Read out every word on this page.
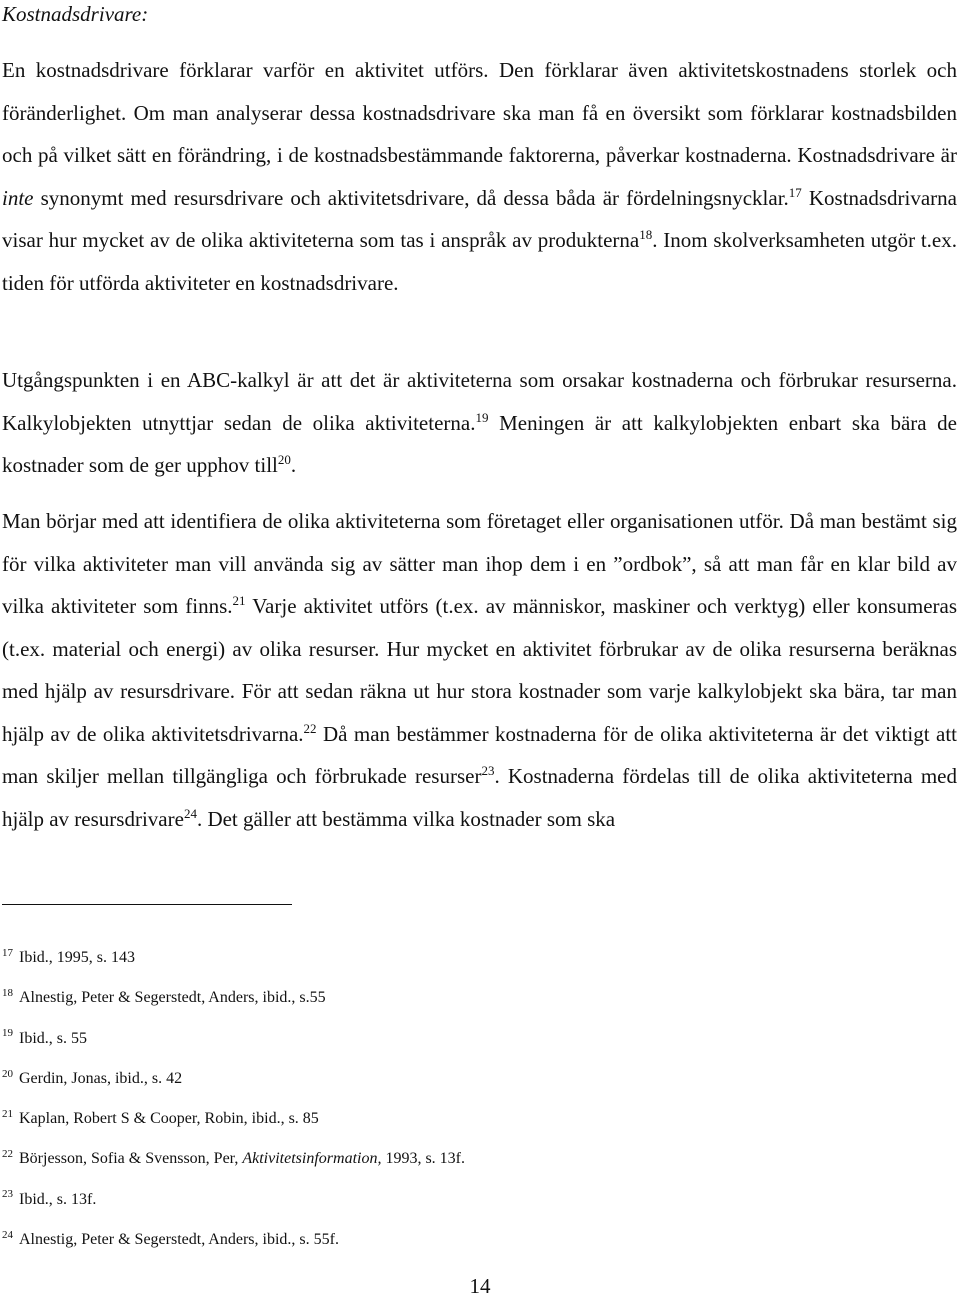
Kostnadsdrivare:

En kostnadsdrivare förklarar varför en aktivitet utförs. Den förklarar även aktivitetskostnadens storlek och föränderlighet. Om man analyserar dessa kostnadsdrivare ska man få en översikt som förklarar kostnadsbilden och på vilket sätt en förändring, i de kostnadsbestämmande faktorerna, påverkar kostnaderna. Kostnadsdrivare är inte synonymt med resursdrivare och aktivitetsdrivare, då dessa båda är fördelningsnycklar.$^{17}$ Kostnadsdrivarna visar hur mycket av de olika aktiviteterna som tas i anspråk av produkterna$^{18}$. Inom skolverksamheten utgör t.ex. tiden för utförda aktiviteter en kostnadsdrivare.

Utgångspunkten i en ABC-kalkyl är att det är aktiviteterna som orsakar kostnaderna och förbrukar resurserna. Kalkylobjekten utnyttjar sedan de olika aktiviteterna.$^{19}$ Meningen är att kalkylobjekten enbart ska bära de kostnader som de ger upphov till$^{20}$.

Man börjar med att identifiera de olika aktiviteterna som företaget eller organisationen utför. Då man bestämt sig för vilka aktiviteter man vill använda sig av sätter man ihop dem i en ”ordbok”, så att man får en klar bild av vilka aktiviteter som finns.$^{21}$ Varje aktivitet utförs (t.ex. av människor, maskiner och verktyg) eller konsumeras (t.ex. material och energi) av olika resurser. Hur mycket en aktivitet förbrukar av de olika resurserna beräknas med hjälp av resursdrivare. För att sedan räkna ut hur stora kostnader som varje kalkylobjekt ska bära, tar man hjälp av de olika aktivitetsdrivarna.$^{22}$ Då man bestämmer kostnaderna för de olika aktiviteterna är det viktigt att man skiljer mellan tillgängliga och förbrukade resurser$^{23}$. Kostnaderna fördelas till de olika aktiviteterna med hjälp av resursdrivare$^{24}$. Det gäller att bestämma vilka kostnader som ska

$^{17}$ Ibid., 1995, s. 143
$^{18}$ Alnestig, Peter & Segerstedt, Anders, ibid., s.55
$^{19}$ Ibid., s. 55
$^{20}$ Gerdin, Jonas, ibid., s. 42
$^{21}$ Kaplan, Robert S & Cooper, Robin, ibid., s. 85
$^{22}$ Börjesson, Sofia & Svensson, Per, Aktivitetsinformation, 1993, s. 13f.
$^{23}$ Ibid., s. 13f.
$^{24}$ Alnestig, Peter & Segerstedt, Anders, ibid., s. 55f.
14
